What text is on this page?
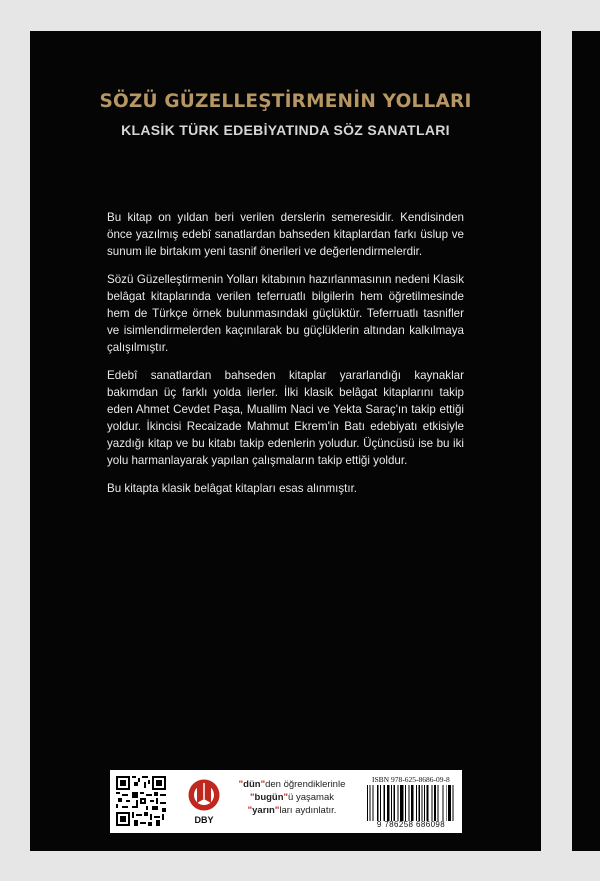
SÖZÜ GÜZELLEŞTİRMENİN YOLLARI
KLASİK TÜRK EDEBİYATINDA SÖZ SANATLARI

Bu kitap on yıldan beri verilen derslerin semeresidir. Kendisinden önce yazılmış edebî sanatlardan bahseden kitaplardan farkı üslup ve sunum ile birtakım yeni tasnif önerileri ve değerlendirmelerdir.

Sözü Güzelleştirmenin Yolları kitabının hazırlanmasının nedeni Klasik belâgat kitaplarında verilen teferruatlı bilgilerin hem öğretilmesinde hem de Türkçe örnek bulunmasındaki güçlüktür. Teferruatlı tasnifler ve isimlendirmelerden kaçınılarak bu güçlüklerin altından kalkılmaya çalışılmıştır.

Edebî sanatlardan bahseden kitaplar yararlandığı kaynaklar bakımdan üç farklı yolda ilerler. İlki klasik belâgat kitaplarını takip eden Ahmet Cevdet Paşa, Muallim Naci ve Yekta Saraç'ın takip ettiği yoldur. İkincisi Recaizade Mahmut Ekrem'in Batı edebiyatı etkisiyle yazdığı kitap ve bu kitabı takip edenlerin yoludur. Üçüncüsü ise bu iki yolu harmanlayarak yapılan çalışmaların takip ettiği yoldur.

Bu kitapta klasik belâgat kitapları esas alınmıştır.

DBY
"dün"den öğrendiklerinle
"bugün"ü yaşamak
"yarın"ları aydınlatır.
ISBN 978-625-8686-09-8
9 786258 686098
